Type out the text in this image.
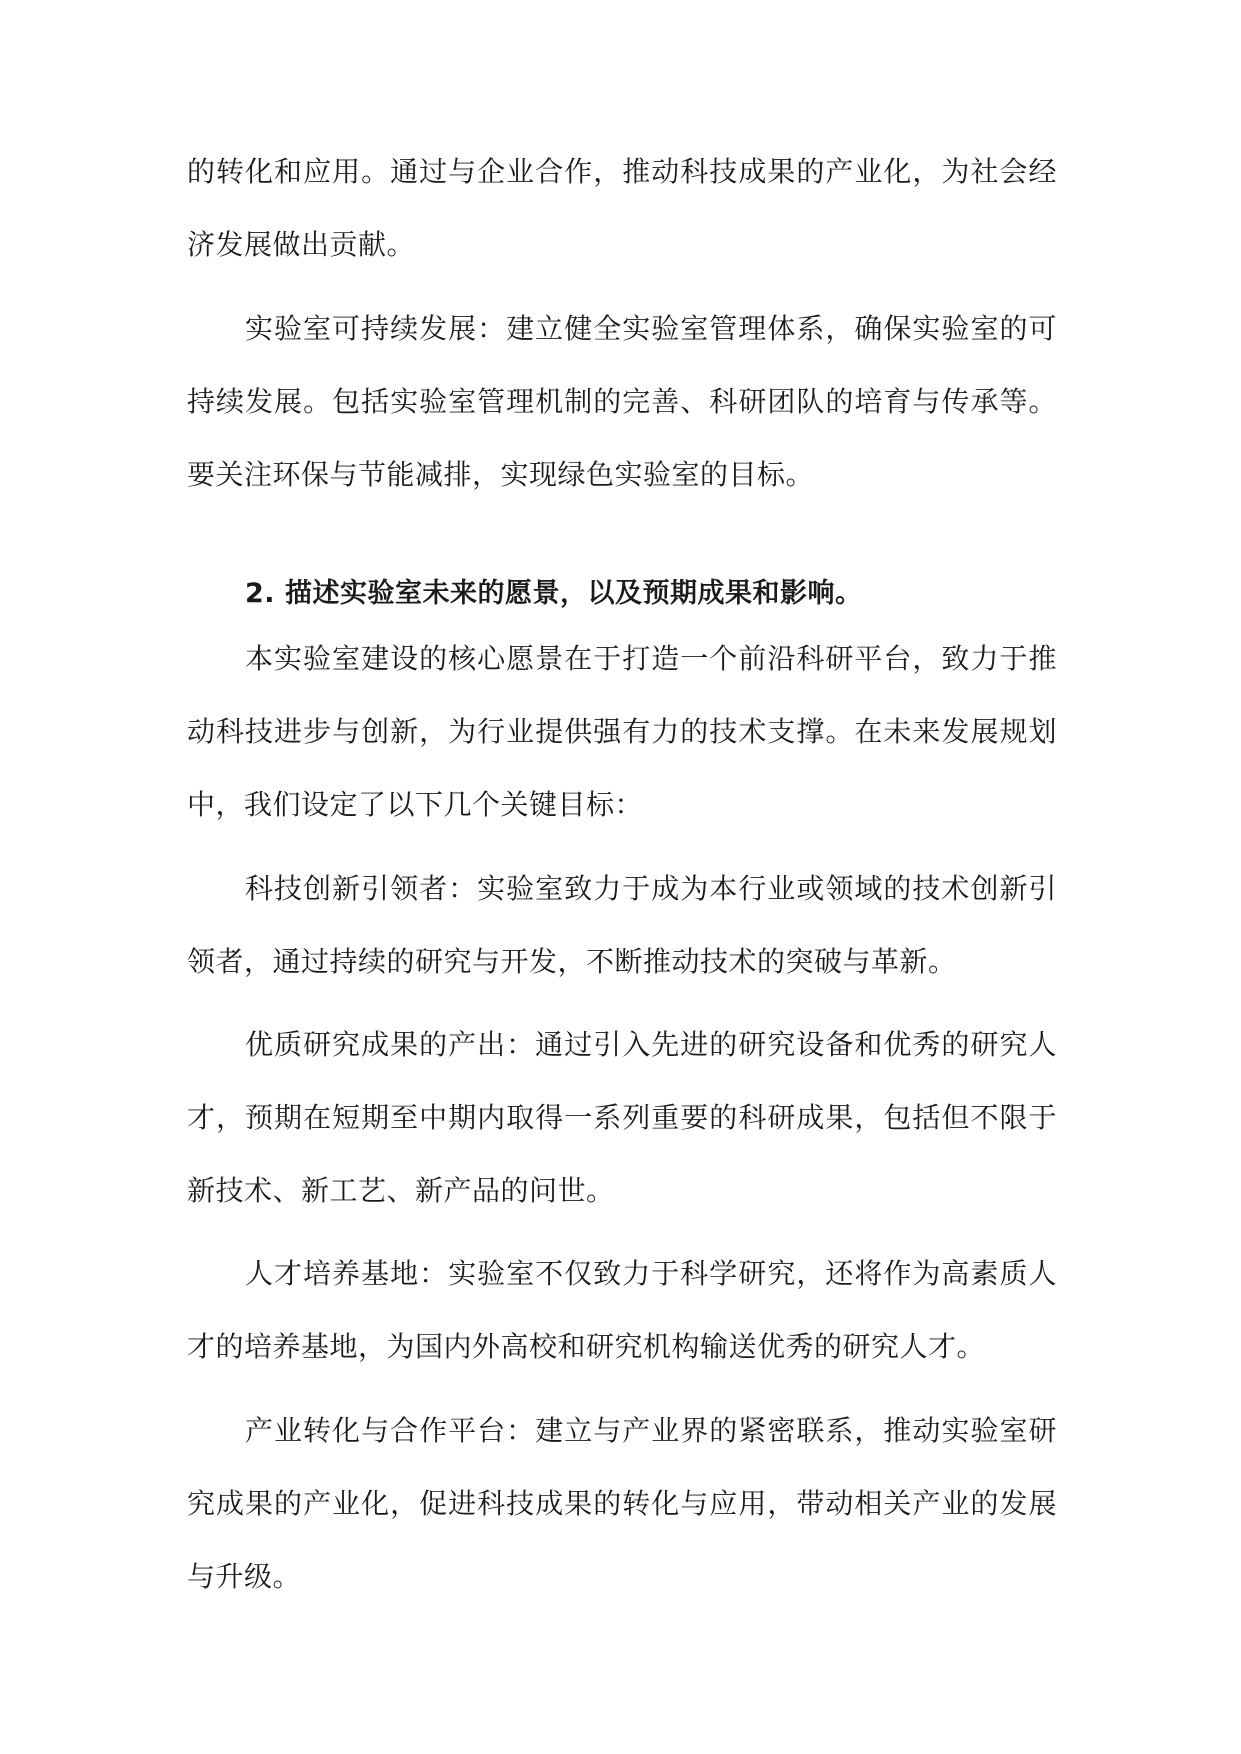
的转化和应用。通过与企业合作，推动科技成果的产业化，为社会经济发展做出贡献。

实验室可持续发展：建立健全实验室管理体系，确保实验室的可持续发展。包括实验室管理机制的完善、科研团队的培育与传承等。要关注环保与节能减排，实现绿色实验室的目标。

2. 描述实验室未来的愿景，以及预期成果和影响。

本实验室建设的核心愿景在于打造一个前沿科研平台，致力于推动科技进步与创新，为行业提供强有力的技术支撑。在未来发展规划中，我们设定了以下几个关键目标：

科技创新引领者：实验室致力于成为本行业或领域的技术创新引领者，通过持续的研究与开发，不断推动技术的突破与革新。

优质研究成果的产出：通过引入先进的研究设备和优秀的研究人才，预期在短期至中期内取得一系列重要的科研成果，包括但不限于新技术、新工艺、新产品的问世。

人才培养基地：实验室不仅致力于科学研究，还将作为高素质人才的培养基地，为国内外高校和研究机构输送优秀的研究人才。

产业转化与合作平台：建立与产业界的紧密联系，推动实验室研究成果的产业化，促进科技成果的转化与应用，带动相关产业的发展与升级。
